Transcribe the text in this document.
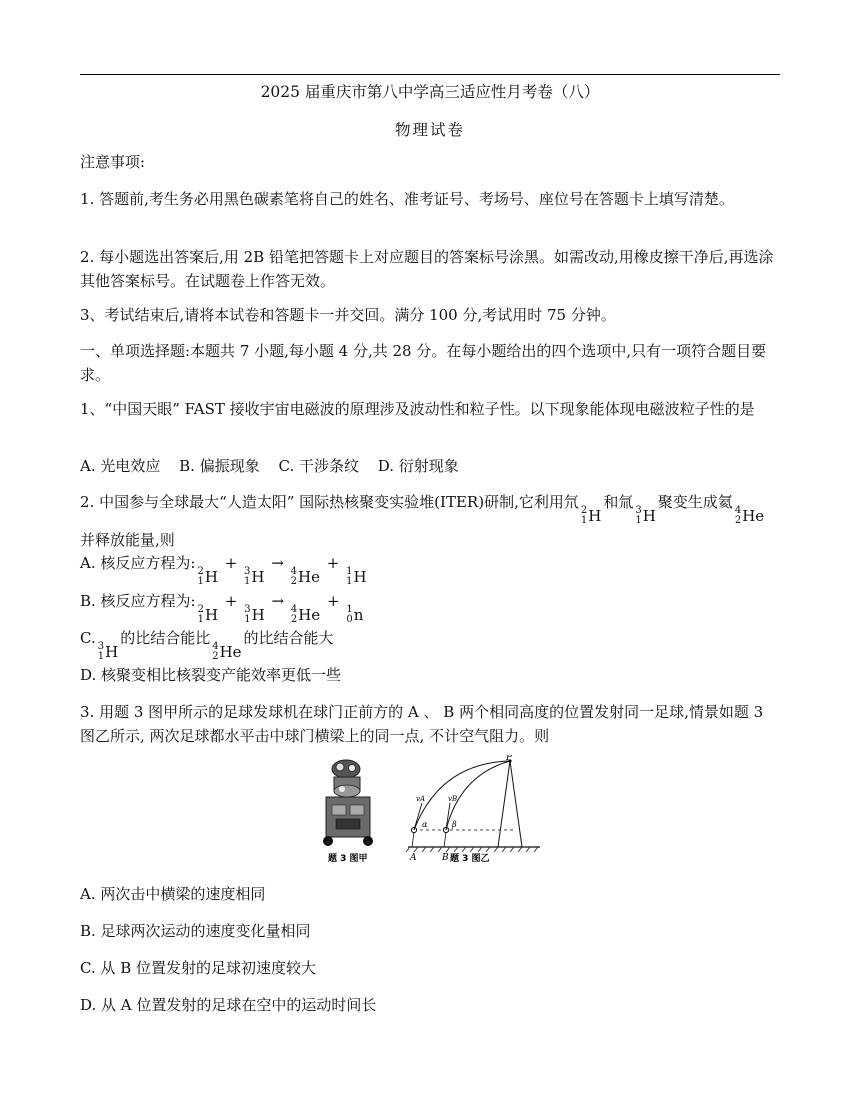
2025 届重庆市第八中学高三适应性月考卷（八）
物理试卷
注意事项:
1. 答题前,考生务必用黑色碳素笔将自己的姓名、准考证号、考场号、座位号在答题卡上填写清楚。
2. 每小题选出答案后,用 2B 铅笔把答题卡上对应题目的答案标号涂黑。如需改动,用橡皮擦干净后,再选涂其他答案标号。在试题卷上作答无效。
3、考试结束后,请将本试卷和答题卡一并交回。满分 100 分,考试用时 75 分钟。
一、单项选择题:本题共 7 小题,每小题 4 分,共 28 分。在每小题给出的四个选项中,只有一项符合题目要求。
1、“中国天眼” FAST 接收宇宙电磁波的原理涉及波动性和粒子性。以下现象能体现电磁波粒子性的是
A. 光电效应 B. 偏振现象 C. 干涉条纹 D. 衍射现象
2. 中国参与全球最大“人造太阳” 国际热核聚变实验堆(ITER)研制,它利用氘 2
1 H
和氚 3
1 H
聚变生成氦 4
2 He
并释放能量,则
A. 核反应方程为: 2
1 H
+ 3
1 H
→ 4
2 He
+ 1
1 H
B. 核反应方程为: 2
1 H
+ 3
1 H
→ 4
2 He
+ 1
0 n
C. 3
1 H
的比结合能比 4
2 He
的比结合能大
D. 核聚变相比核裂变产能效率更低一些
3. 用题 3 图甲所示的足球发球机在球门正前方的 A 、 B 两个相同高度的位置发射同一足球,情景如题 3 图乙所示, 两次足球都水平击中球门横梁上的同一点, 不计空气阻力。则
题 3 图甲
P
A	B
α	β
vA	vB
题 3 图乙
A. 两次击中横梁的速度相同
B. 足球两次运动的速度变化量相同
C. 从 B 位置发射的足球初速度较大
D. 从 A 位置发射的足球在空中的运动时间长
